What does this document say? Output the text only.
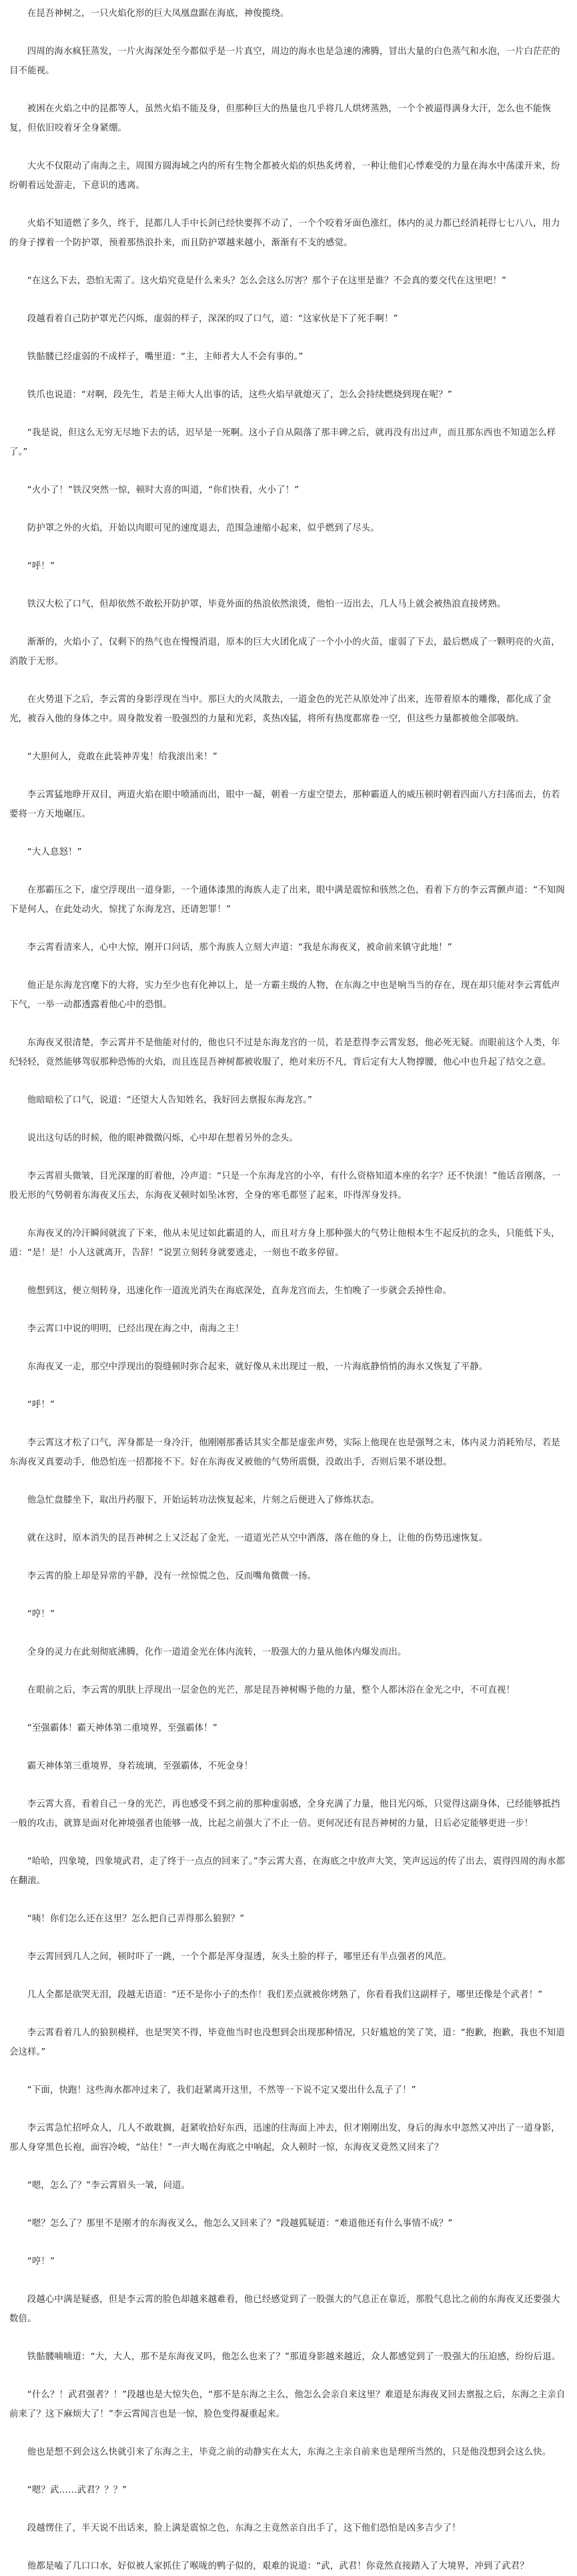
在昆吾神树之，一只火焰化形的巨大凤凰盘踞在海底，神俊揽绕。

四周的海水疯狂蒸发，一片火海深处至今都似乎是一片真空，周边的海水也是急速的沸腾，冒出大量的白色蒸气和水泡，一片白茫茫的目不能视。

被困在火焰之中的昆都等人，虽然火焰不能及身，但那种巨大的热量也几乎将几人烘烤蒸熟，一个个被逼得满身大汗，怎么也不能恢复，但依旧咬着牙全身紧绷。

大火不仅限动了南海之主，周围方圆海域之内的所有生物全都被火焰的炽热炙烤着，一种让他们心悸难受的力量在海水中荡漾开来，纷纷朝着远处游走，下意识的逃离。

火焰不知道燃了多久，终于，昆都几人手中长剑已经快要挥不动了，一个个咬着牙面色涨红，体内的灵力都已经消耗得七七八八，用力的身子撑着一个防护罩，预着那热浪扑来，而且防护罩越来越小，渐渐有不支的感觉。

“在这么下去，恐怕无需了。这火焰究竟是什么来头？怎么会这么厉害？那个子在这里是谁？不会真的要交代在这里吧！”

段越看着自己防护罩光芒闪烁，虚弱的样子，深深的叹了口气，道：“这家伙是下了死手啊！”

铁骷髅已经虚弱的不成样子，嘴里道：“主，主师者大人不会有事的。”

铁爪也说道：“对啊，段先生，若是主师大人出事的话，这些火焰早就熄灭了，怎么会持续燃烧到现在呢？”

“我是说，但这么无穷无尽地下去的话，迟早是一死啊。这小子自从陨落了那丰碑之后，就再没有出过声，而且那东西也不知道怎么样了。”

“火小了！”铁汉突然一惊，顿时大喜的叫道，“你们快看，火小了！”

防护罩之外的火焰，开始以肉眼可见的速度退去，范围急速缩小起来，似乎燃到了尽头。

“呼！”

铁汉大松了口气，但却依然不敢松开防护罩，毕竟外面的热浪依然滚烫，他怕一迈出去，几人马上就会被热浪直接烤熟。

渐渐的，火焰小了，仅剩下的热气也在慢慢消退，原本的巨大火团化成了一个小小的火苗，虚弱了下去，最后燃成了一颗明亮的火苗，消散于无形。

在火势退下之后，李云霄的身影浮现在当中。那巨大的火凤散去，一道金色的光芒从原处冲了出来，连带着原本的雕像，都化成了金光，被吞入他的身体之中。周身散发着一股强烈的力量和光彩，炙热凶猛，将所有热度都席卷一空，但这些力量都被他全部吸纳。

“大胆何人，竟敢在此装神弄鬼！给我滚出来！”

李云霄猛地睁开双目，两道火焰在眼中喷涌而出，眼中一凝，朝着一方虚空望去，那种霸道人的威压顿时朝着四面八方扫荡而去，仿若要将一方天地碾压。

“大人息怒！”

在那霸压之下，虚空浮现出一道身影，一个通体漆黑的海族人走了出来，眼中满是震惊和骇然之色，看着下方的李云霄颤声道：“不知阁下是何人，在此处动火，惊扰了东海龙宫，还请恕罪！”

李云霄看清来人，心中大惊，刚开口问话，那个海族人立刻大声道：“我是东海夜叉，被命前来镇守此地！”

他正是东海龙宫麾下的大将，实力至少也有化神以上，是一方霸主级的人物，在东海之中也是响当当的存在，现在却只能对李云霄低声下气，一举一动都透露着他心中的恐惧。

东海夜叉很清楚，李云霄并不是他能对付的，他也只不过是东海龙宫的一员，若是惹得李云霄发怒，他必死无疑。而眼前这个人类，年纪轻轻，竟然能够驾驭那种恐怖的火焰，而且连昆吾神树都被收服了，绝对来历不凡，背后定有大人物撑腰，他心中也升起了结交之意。

他暗暗松了口气，说道：“还望大人告知姓名，我好回去禀报东海龙宫。”

说出这句话的时候，他的眼神微微闪烁，心中却在想着另外的念头。

李云霄眉头微皱，目光深邃的盯着他，冷声道：“只是一个东海龙宫的小卒，有什么资格知道本座的名字？还不快滚！”他话音刚落，一股无形的气势朝着东海夜叉压去，东海夜叉顿时如坠冰窖，全身的寒毛都竖了起来，吓得浑身发抖。

东海夜叉的冷汗瞬间就流了下来，他从未见过如此霸道的人，而且对方身上那种强大的气势让他根本生不起反抗的念头，只能低下头，道：“是！是！小人这就离开，告辞！”说罢立刻转身就要逃走，一刻也不敢多停留。

他想到这，便立刻转身，迅速化作一道流光消失在海底深处，直奔龙宫而去，生怕晚了一步就会丢掉性命。

李云霄口中说的明明，已经出现在海之中，南海之主！

东海夜叉一走，那空中浮现出的裂缝顿时弥合起来，就好像从未出现过一般，一片海底静悄悄的海水又恢复了平静。

“呼！”

李云霄这才松了口气，浑身都是一身冷汗，他刚刚那番话其实全都是虚张声势，实际上他现在也是强弩之末，体内灵力消耗殆尽，若是东海夜叉真要动手，他恐怕连一招都接不下。好在东海夜叉被他的气势所震慑，没敢出手，否则后果不堪设想。

他急忙盘膝坐下，取出丹药服下，开始运转功法恢复起来，片刻之后便进入了修炼状态。

就在这时，原本消失的昆吾神树之上又泛起了金光，一道道光芒从空中洒落，落在他的身上，让他的伤势迅速恢复。

李云霄的脸上却是异常的平静，没有一丝惊慌之色，反而嘴角微微一扬。

“哼！”

全身的灵力在此刻彻底沸腾，化作一道道金光在体内流转，一股强大的力量从他体内爆发而出。

在眼前之后，李云霄的肌肤上浮现出一层金色的光芒，那是昆吾神树赐予他的力量，整个人都沐浴在金光之中，不可直视！

“至强霸体！霸天神体第二重境界，至强霸体！”

霸天神体第三重境界，身若琉璃，至强霸体，不死金身！

李云霄大喜，看着自己一身的光芒，再也感受不到之前的那种虚弱感，全身充满了力量，他目光闪烁，只觉得这副身体，已经能够抵挡一般的攻击，就算是面对化神境强者也能够一战，比起之前强大了不止一倍。更何况还有昆吾神树的力量，日后必定能够更进一步！

“哈哈，四象境，四象境武君，走了终于一点点的回来了。”李云霄大喜，在海底之中放声大笑，笑声远远的传了出去，震得四周的海水都在翻滚。

“咦！你们怎么还在这里？怎么把自己弄得那么狼狈？”

李云霄回到几人之间，顿时吓了一跳，一个个都是浑身湿透，灰头土脸的样子，哪里还有半点强者的风范。

几人全都是欲哭无泪，段越无语道：“还不是你小子的杰作！我们差点就被你烤熟了，你看看我们这副样子，哪里还像是个武者！”

李云霄看着几人的狼狈模样，也是哭笑不得，毕竟他当时也没想到会出现那种情况，只好尴尬的笑了笑，道：“抱歉，抱歉，我也不知道会这样。”

“下面，快跑！这些海水都冲过来了，我们赶紧离开这里，不然等一下说不定又要出什么乱子了！”

李云霄急忙招呼众人，几人不敢耽搁，赶紧收拾好东西，迅速的往海面上冲去，但才刚刚出发，身后的海水中忽然又冲出了一道身影，那人身穿黑色长袍，面容冷峻，“站住！”一声大喝在海底之中响起，众人顿时一惊，东海夜叉竟然又回来了？

“嗯，怎么了？”李云霄眉头一皱，问道。

“嗯？怎么了？那里不是刚才的东海夜叉么，他怎么又回来了？”段越狐疑道：“难道他还有什么事情不成？”

“哼！”

段越心中满是疑惑，但是李云霄的脸色却越来越难看，他已经感觉到了一股强大的气息正在靠近，那股气息比之前的东海夜叉还要强大数倍。

铁骷髅喃喃道：“大，大人，那不是东海夜叉吗，他怎么也来了？”那道身影越来越近，众人都感觉到了一股强大的压迫感，纷纷后退。

“什么？！武君强者？！”段越也是大惊失色，“那不是东海之主么，他怎么会亲自来这里？难道是东海夜叉回去禀报之后，东海之主亲自前来了？这下麻烦大了！”李云霄闻言也是一惊，脸色变得凝重起来。

他也是想不到会这么快就引来了东海之主，毕竟之前的动静实在太大，东海之主亲自前来也是理所当然的，只是他没想到会这么快。

“嗯？武……武君？？？”

段越愣住了，半天说不出话来，脸上满是震惊之色，东海之主竟然亲自出手了，这下他们恐怕是凶多吉少了！

他都是嗑了几口口水，好似被人家抓住了喉咙的鸭子似的，艰难的说道：“武，武君！你竟然直接踏入了大境界，冲到了武君？
